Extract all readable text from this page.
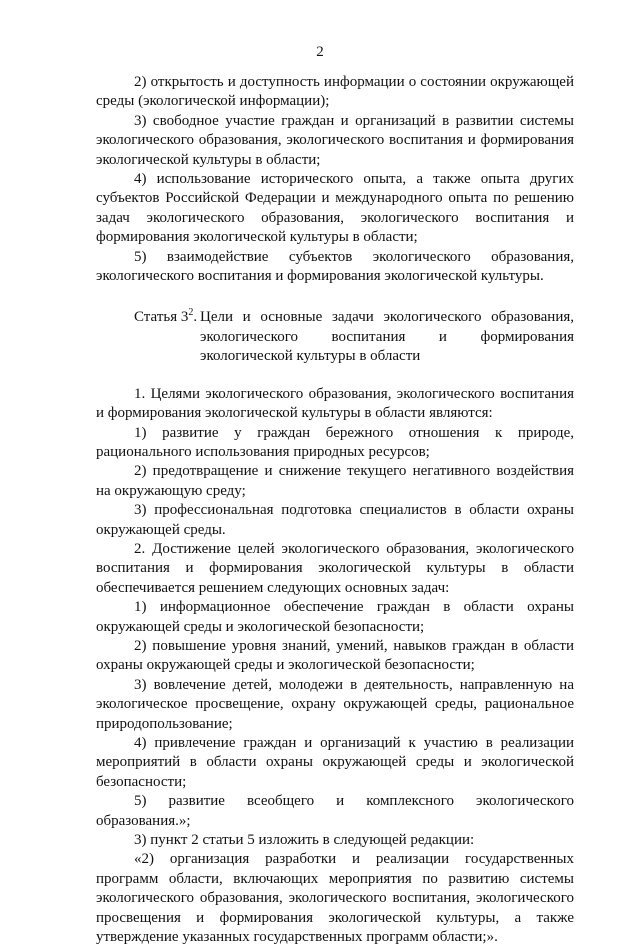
2

2) открытость и доступность информации о состоянии окружающей среды (экологической информации);

3) свободное участие граждан и организаций в развитии системы экологического образования, экологического воспитания и формирования экологической культуры в области;

4) использование исторического опыта, а также опыта других субъектов Российской Федерации и международного опыта по решению задач экологического образования, экологического воспитания и формирования экологической культуры в области;

5) взаимодействие субъектов экологического образования, экологического воспитания и формирования экологической культуры.

Статья $3^2$. Цели и основные задачи экологического образования, экологического воспитания и формирования экологической культуры в области

1. Целями экологического образования, экологического воспитания и формирования экологической культуры в области являются:

1) развитие у граждан бережного отношения к природе, рационального использования природных ресурсов;

2) предотвращение и снижение текущего негативного воздействия на окружающую среду;

3) профессиональная подготовка специалистов в области охраны окружающей среды.

2. Достижение целей экологического образования, экологического воспитания и формирования экологической культуры в области обеспечивается решением следующих основных задач:

1) информационное обеспечение граждан в области охраны окружающей среды и экологической безопасности;

2) повышение уровня знаний, умений, навыков граждан в области охраны окружающей среды и экологической безопасности;

3) вовлечение детей, молодежи в деятельность, направленную на экологическое просвещение, охрану окружающей среды, рациональное природопользование;

4) привлечение граждан и организаций к участию в реализации мероприятий в области охраны окружающей среды и экологической безопасности;

5) развитие всеобщего и комплексного экологического образования.»;

3) пункт 2 статьи 5 изложить в следующей редакции:

«2) организация разработки и реализации государственных программ области, включающих мероприятия по развитию системы экологического образования, экологического воспитания, экологического просвещения и формирования экологической культуры, а также утверждение указанных государственных программ области;».
